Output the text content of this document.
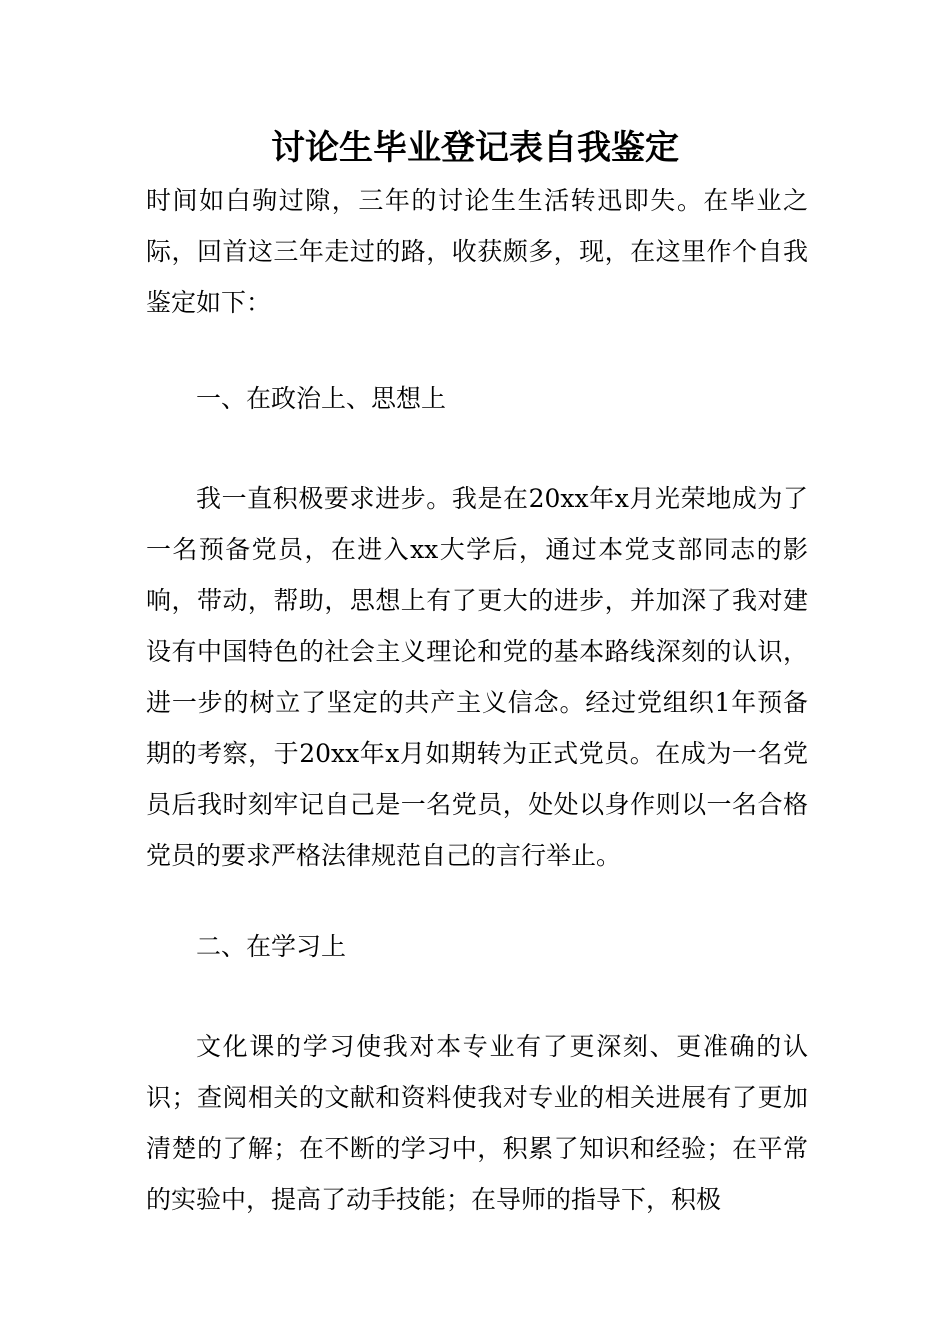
讨论生毕业登记表自我鉴定

时间如白驹过隙，三年的讨论生生活转迅即失。在毕业之际，回首这三年走过的路，收获颇多，现，在这里作个自我鉴定如下：

一、在政治上、思想上

我一直积极要求进步。我是在20xx年x月光荣地成为了一名预备党员，在进入xx大学后，通过本党支部同志的影响，带动，帮助，思想上有了更大的进步，并加深了我对建设有中国特色的社会主义理论和党的基本路线深刻的认识，进一步的树立了坚定的共产主义信念。经过党组织1年预备期的考察，于20xx年x月如期转为正式党员。在成为一名党员后我时刻牢记自己是一名党员，处处以身作则以一名合格党员的要求严格法律规范自己的言行举止。

二、在学习上

文化课的学习使我对本专业有了更深刻、更准确的认识；查阅相关的文献和资料使我对专业的相关进展有了更加清楚的了解；在不断的学习中，积累了知识和经验；在平常的实验中，提高了动手技能；在导师的指导下，积极
